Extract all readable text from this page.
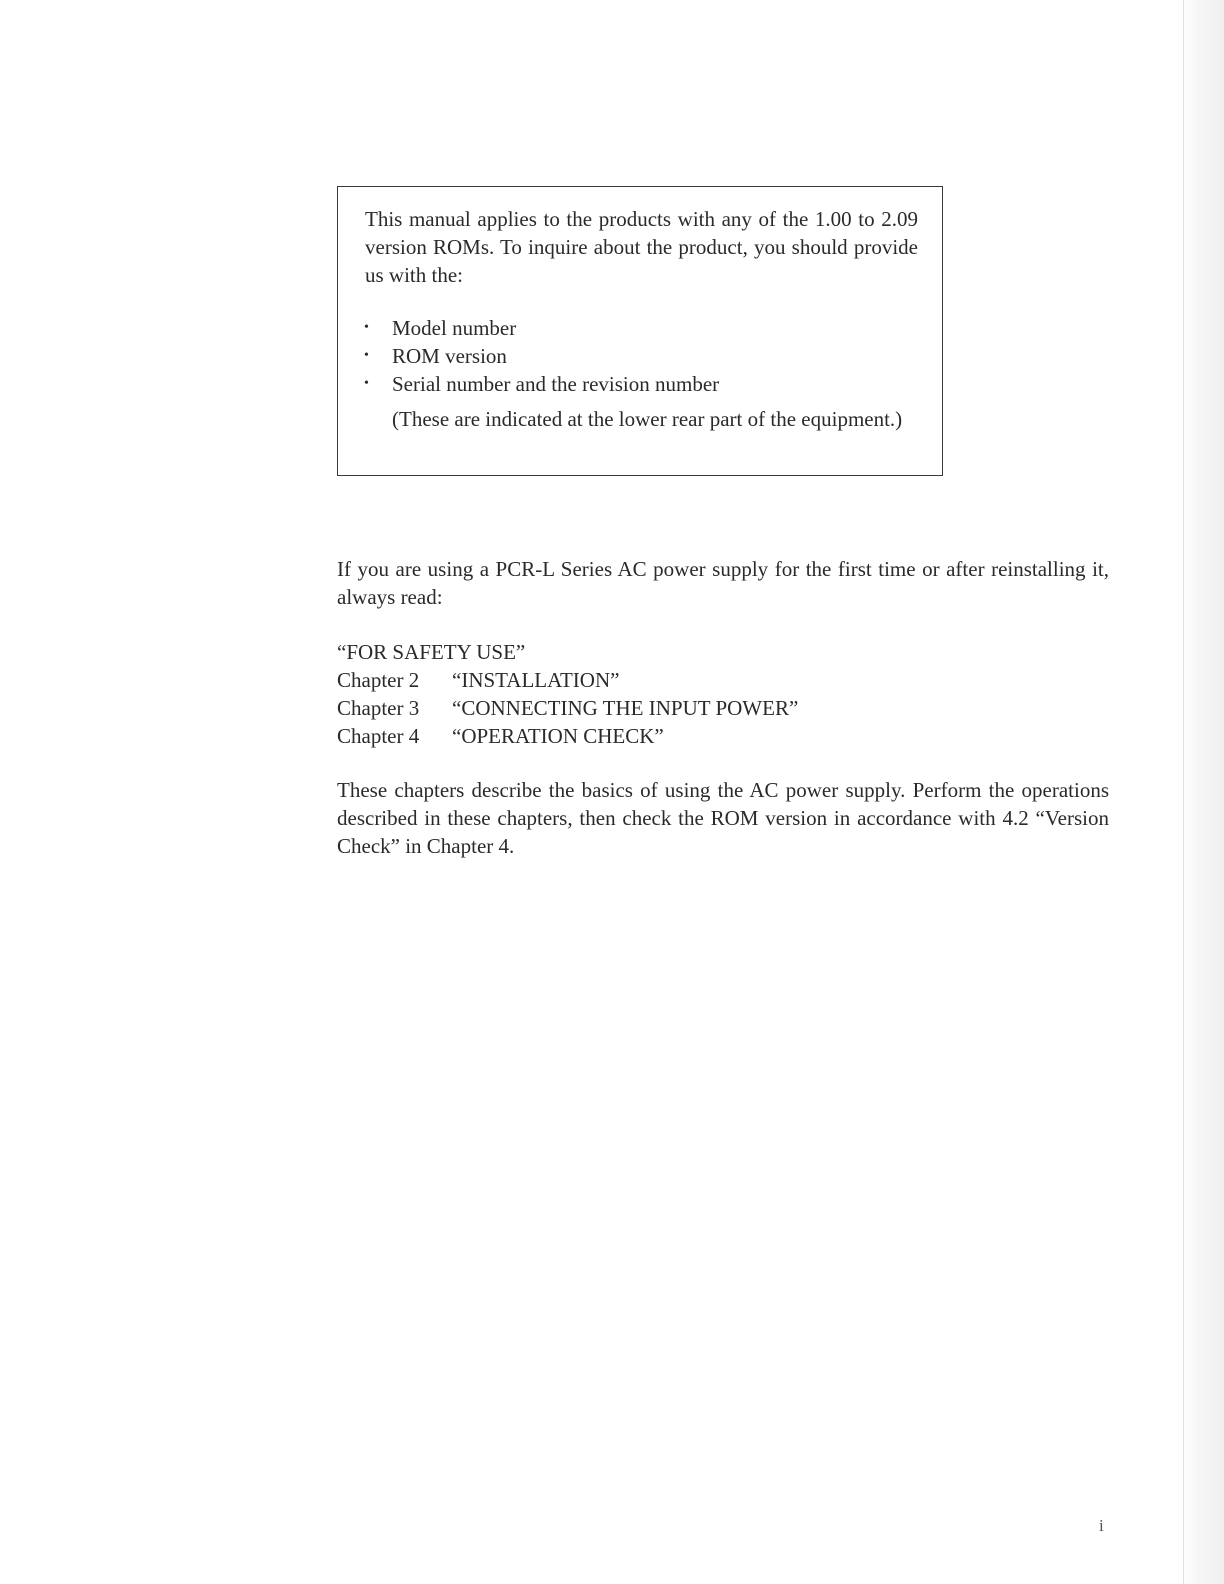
This manual applies to the products with any of the 1.00 to 2.09 version ROMs. To inquire about the product, you should provide us with the:

• Model number
• ROM version
• Serial number and the revision number

(These are indicated at the lower rear part of the equipment.)

If you are using a PCR-L Series AC power supply for the first time or after reinstalling it, always read:

“FOR SAFETY USE”
Chapter 2 “INSTALLATION”
Chapter 3 “CONNECTING THE INPUT POWER”
Chapter 4 “OPERATION CHECK”

These chapters describe the basics of using the AC power supply. Perform the operations described in these chapters, then check the ROM version in accordance with 4.2 “Version Check” in Chapter 4.

i
